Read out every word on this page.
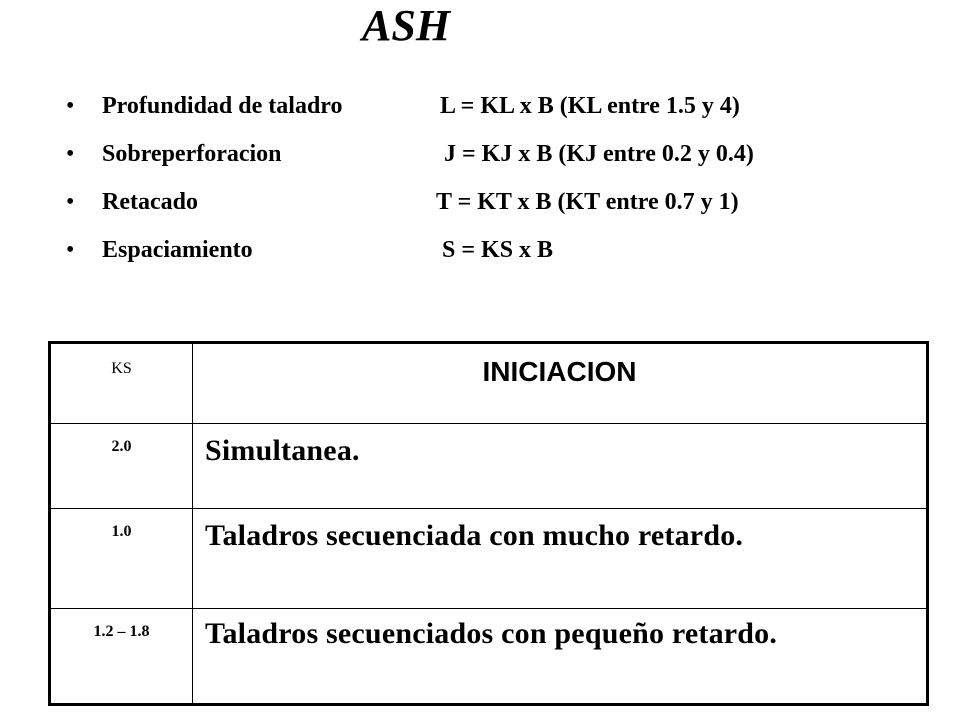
ASH
•	Profundidad de taladro	L = KL x B (KL entre 1.5 y 4)
•	Sobreperforacion	J = KJ x B (KJ entre 0.2 y 0.4)
•	Retacado	T = KT x B (KT entre 0.7 y 1)
•	Espaciamiento	S = KS x B
KS	INICIACION
2.0	Simultanea.
1.0	Taladros secuenciada con mucho retardo.
1.2 – 1.8	Taladros secuenciados con pequeño retardo.
